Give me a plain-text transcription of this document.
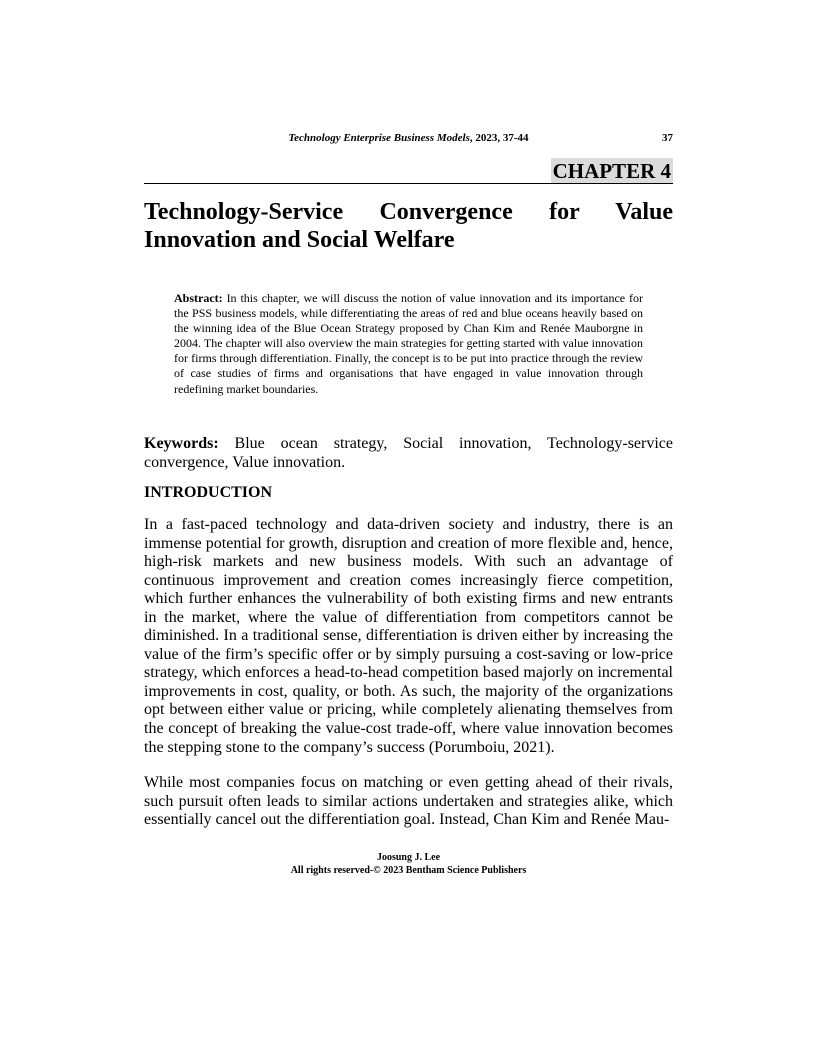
Technology Enterprise Business Models, 2023, 37-44	37
CHAPTER 4
Technology-Service Convergence for Value Innovation and Social Welfare

Abstract: In this chapter, we will discuss the notion of value innovation and its importance for the PSS business models, while differentiating the areas of red and blue oceans heavily based on the winning idea of the Blue Ocean Strategy proposed by Chan Kim and Renée Mauborgne in 2004. The chapter will also overview the main strategies for getting started with value innovation for firms through differentiation. Finally, the concept is to be put into practice through the review of case studies of firms and organisations that have engaged in value innovation through redefining market boundaries.

Keywords: Blue ocean strategy, Social innovation, Technology-service convergence, Value innovation.

INTRODUCTION

In a fast-paced technology and data-driven society and industry, there is an immense potential for growth, disruption and creation of more flexible and, hence, high-risk markets and new business models. With such an advantage of continuous improvement and creation comes increasingly fierce competition, which further enhances the vulnerability of both existing firms and new entrants in the market, where the value of differentiation from competitors cannot be diminished. In a traditional sense, differentiation is driven either by increasing the value of the firm’s specific offer or by simply pursuing a cost-saving or low-price strategy, which enforces a head-to-head competition based majorly on incremental improvements in cost, quality, or both. As such, the majority of the organizations opt between either value or pricing, while completely alienating themselves from the concept of breaking the value-cost trade-off, where value innovation becomes the stepping stone to the company’s success (Porumboiu, 2021).

While most companies focus on matching or even getting ahead of their rivals, such pursuit often leads to similar actions undertaken and strategies alike, which essentially cancel out the differentiation goal. Instead, Chan Kim and Renée Mau-

Joosung J. Lee
All rights reserved-© 2023 Bentham Science Publishers
